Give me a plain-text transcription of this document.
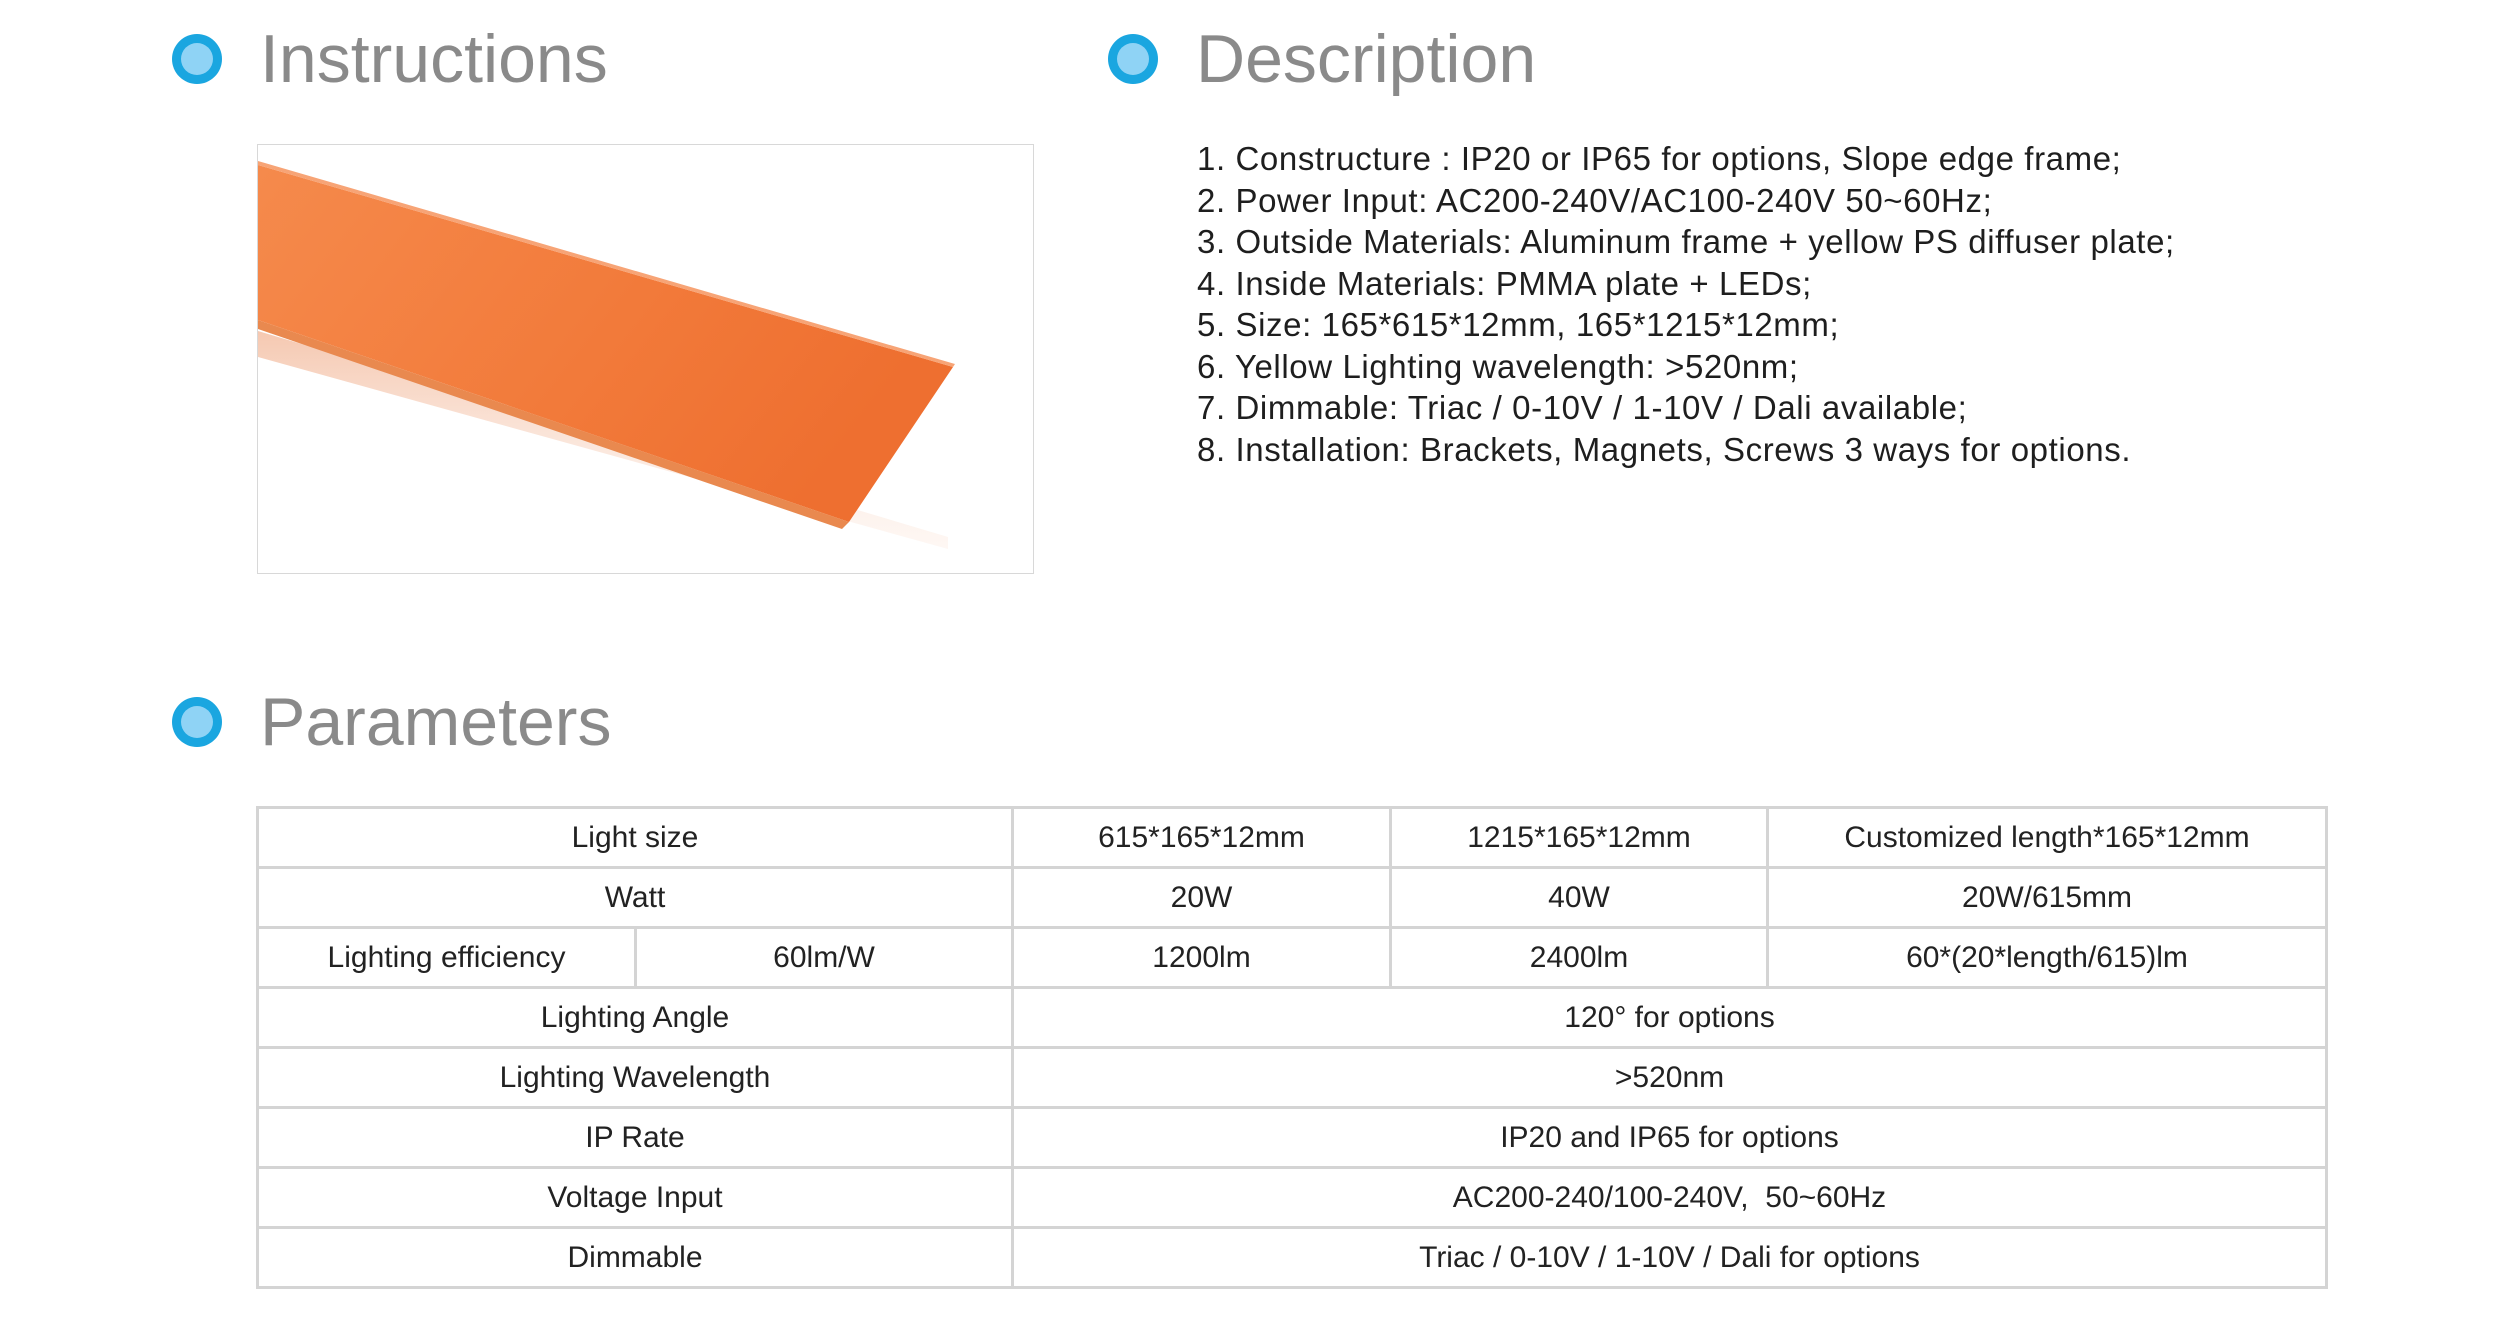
Instructions	Description
Parameters
1. Constructure : IP20 or IP65 for options, Slope edge frame;
2. Power Input: AC200-240V/AC100-240V 50~60Hz;
3. Outside Materials: Aluminum frame + yellow PS diffuser plate;
4. Inside Materials: PMMA plate + LEDs;
5. Size: 165*615*12mm, 165*1215*12mm;
6. Yellow Lighting wavelength: >520nm;
7. Dimmable: Triac / 0-10V / 1-10V / Dali available;
8. Installation: Brackets, Magnets, Screws 3 ways for options.
Light size		615*165*12mm	1215*165*12mm	Customized length*165*12mm
Watt		20W	40W	20W/615mm
Lighting efficiency	60lm/W	1200lm	2400lm	60*(20*length/615)lm
Lighting Angle		120° for options		
Lighting Wavelength		>520nm		
IP Rate		IP20 and IP65 for options		
Voltage Input		AC200-240/100-240V,  50~60Hz		
Dimmable		Triac / 0-10V / 1-10V / Dali for options		
